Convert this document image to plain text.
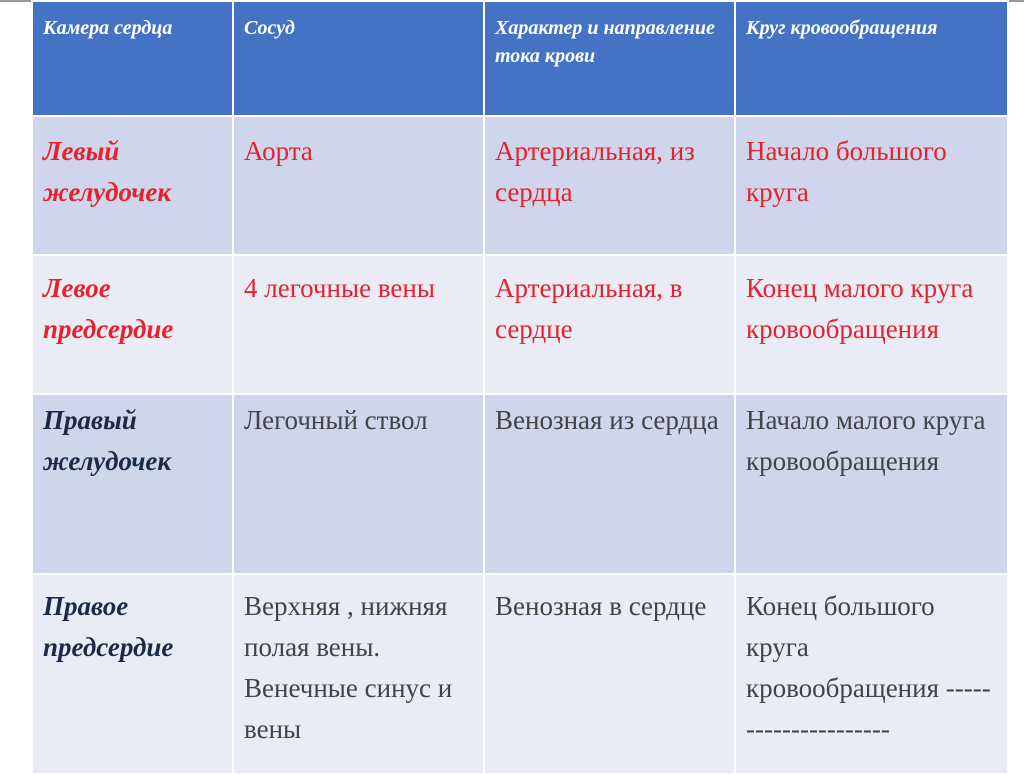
Камера сердца	Сосуд	Характер и направление тока крови	Круг кровообращения
Левый желудочек	Аорта	Артериальная, из сердца	Начало большого круга
Левое предсердие	4 легочные вены	Артериальная, в сердце	Конец малого круга кровообращения
Правый желудочек	Легочный ствол	Венозная из сердца	Начало малого круга кровообращения
Правое предсердие	Верхняя , нижняя полая вены. Венечные синус и вены	Венозная в сердце	Конец большого круга кровообращения ---------------------
